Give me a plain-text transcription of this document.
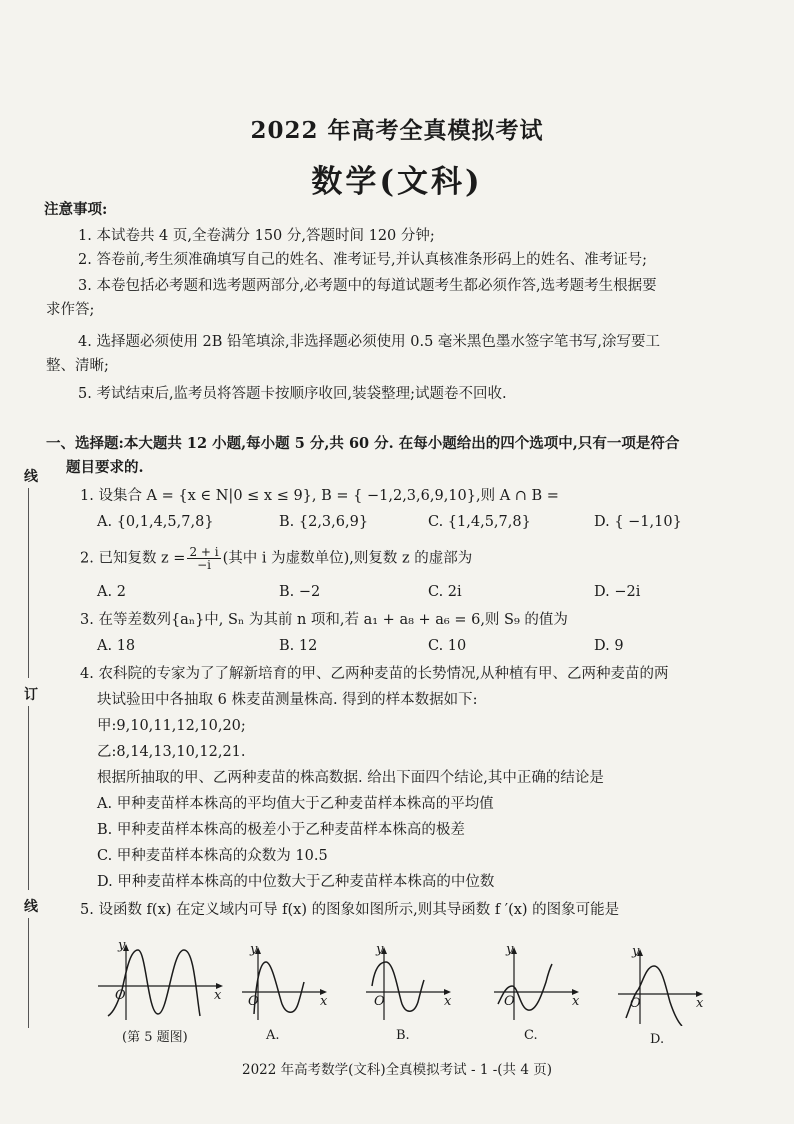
线
订
线
2022 年高考全真模拟考试
数学(文科)
注意事项:
1. 本试卷共 4 页,全卷满分 150 分,答题时间 120 分钟;
2. 答卷前,考生须准确填写自己的姓名、准考证号,并认真核准条形码上的姓名、准考证号;
3. 本卷包括必考题和选考题两部分,必考题中的每道试题考生都必须作答,选考题考生根据要
求作答;
4. 选择题必须使用 2B 铅笔填涂,非选择题必须使用 0.5 毫米黑色墨水签字笔书写,涂写要工
整、清晰;
5. 考试结束后,监考员将答题卡按顺序收回,装袋整理;试题卷不回收.
一、选择题:本大题共 12 小题,每小题 5 分,共 60 分. 在每小题给出的四个选项中,只有一项是符合
题目要求的.
1. 设集合 A = {x ∈ N|0 ≤ x ≤ 9}, B = { −1,2,3,6,9,10},则 A ∩ B =
A. {0,1,4,5,7,8}	B. {2,3,6,9}	C. {1,4,5,7,8}	D. { −1,10}
2. 已知复数 $z = \frac{2 + i}{-i}$ (其中 i 为虚数单位),则复数 z 的虚部为
A. 2	B. −2	C. 2i	D. −2i
3. 在等差数列{aₙ}中, Sₙ 为其前 n 项和,若 a₁ + a₈ + a₆ = 6,则 S₉ 的值为
A. 18	B. 12	C. 10	D. 9
4. 农科院的专家为了了解新培育的甲、乙两种麦苗的长势情况,从种植有甲、乙两种麦苗的两
块试验田中各抽取 6 株麦苗测量株高. 得到的样本数据如下:
甲:9,10,11,12,10,20;
乙:8,14,13,10,12,21.
根据所抽取的甲、乙两种麦苗的株高数据. 给出下面四个结论,其中正确的结论是
A. 甲种麦苗样本株高的平均值大于乙种麦苗样本株高的平均值
B. 甲种麦苗样本株高的极差小于乙种麦苗样本株高的极差
C. 甲种麦苗样本株高的众数为 10.5
D. 甲种麦苗样本株高的中位数大于乙种麦苗样本株高的中位数
5. 设函数 f(x) 在定义域内可导 f(x) 的图象如图所示,则其导函数 f ′(x) 的图象可能是
y
x
O
(第 5 题图)
y
x
O
A.
y
x
O
B.
y
x
O
C.
y
x
O
D.
2022 年高考数学(文科)全真模拟考试 - 1 -(共 4 页)
